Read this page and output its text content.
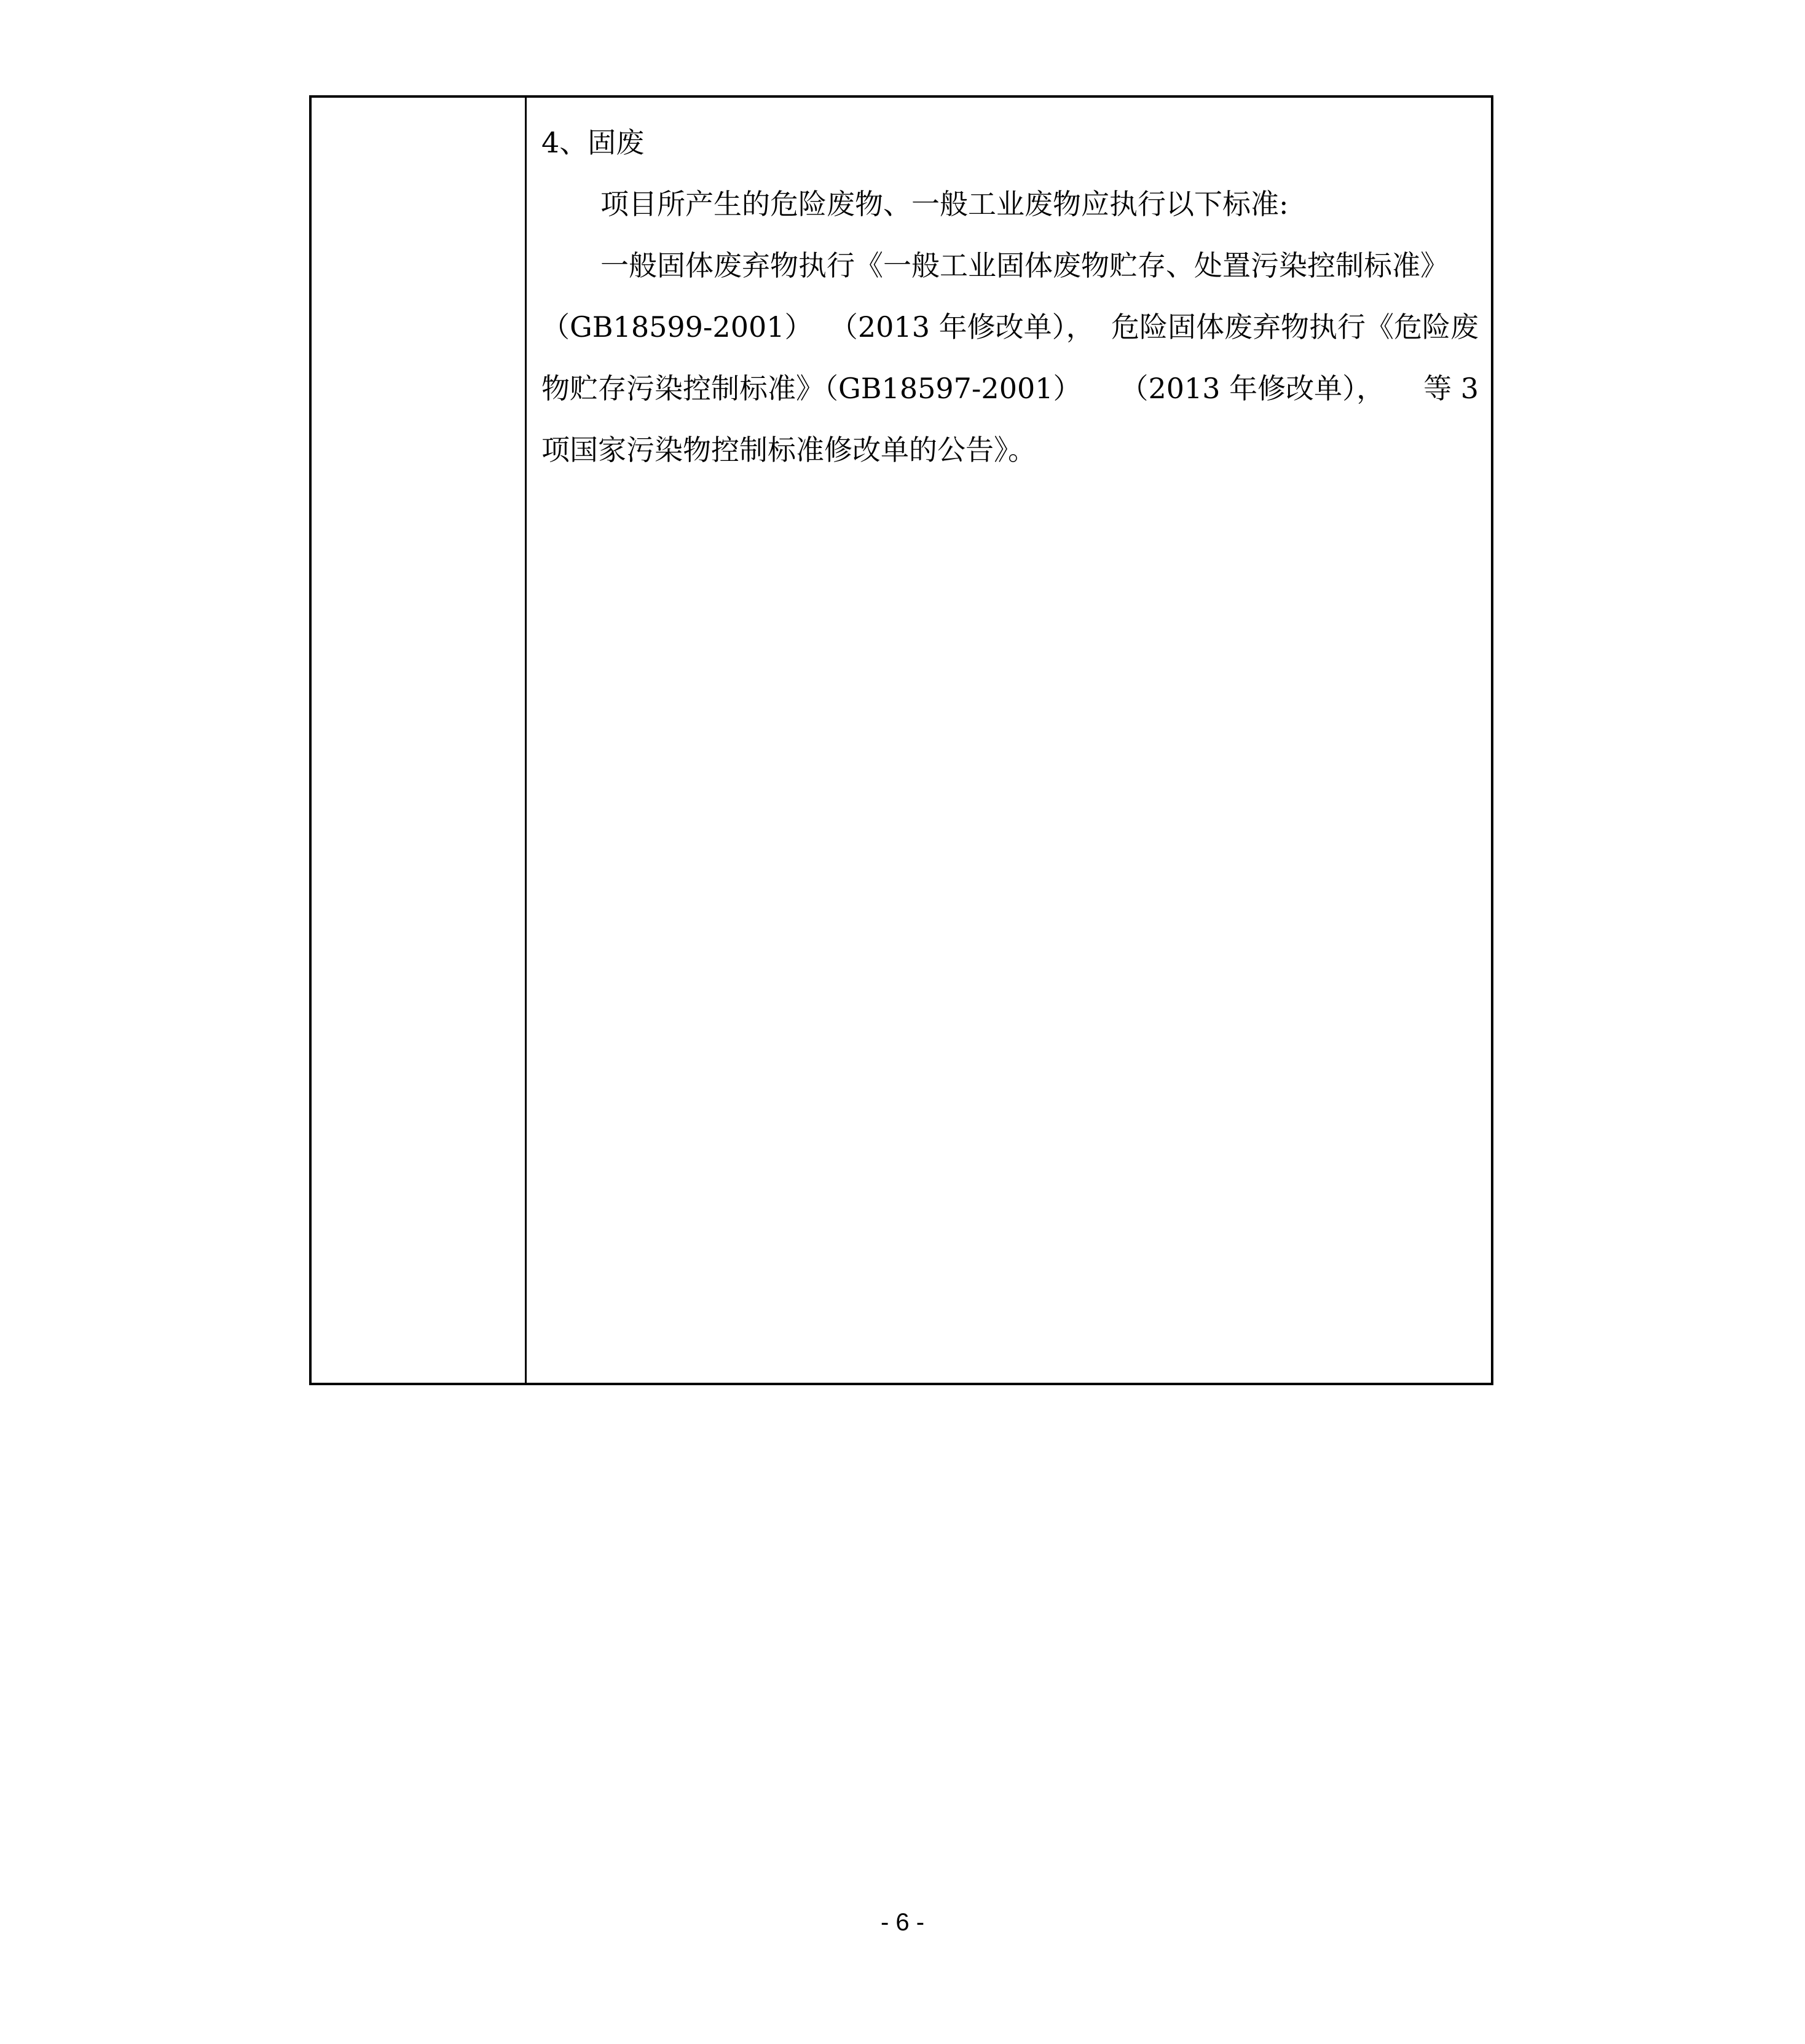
4、固废
项目所产生的危险废物、一般工业废物应执行以下标准:
一般固体废弃物执行《一般工业固体废物贮存、处置污染控制标准》
（GB18599-2001） （2013 年修改单）， 危险固体废弃物执行《危险废
物贮存污染控制标准》（GB18597-2001） （2013 年修改单）， 等 3
项国家污染物控制标准修改单的公告》。
- 6 -
